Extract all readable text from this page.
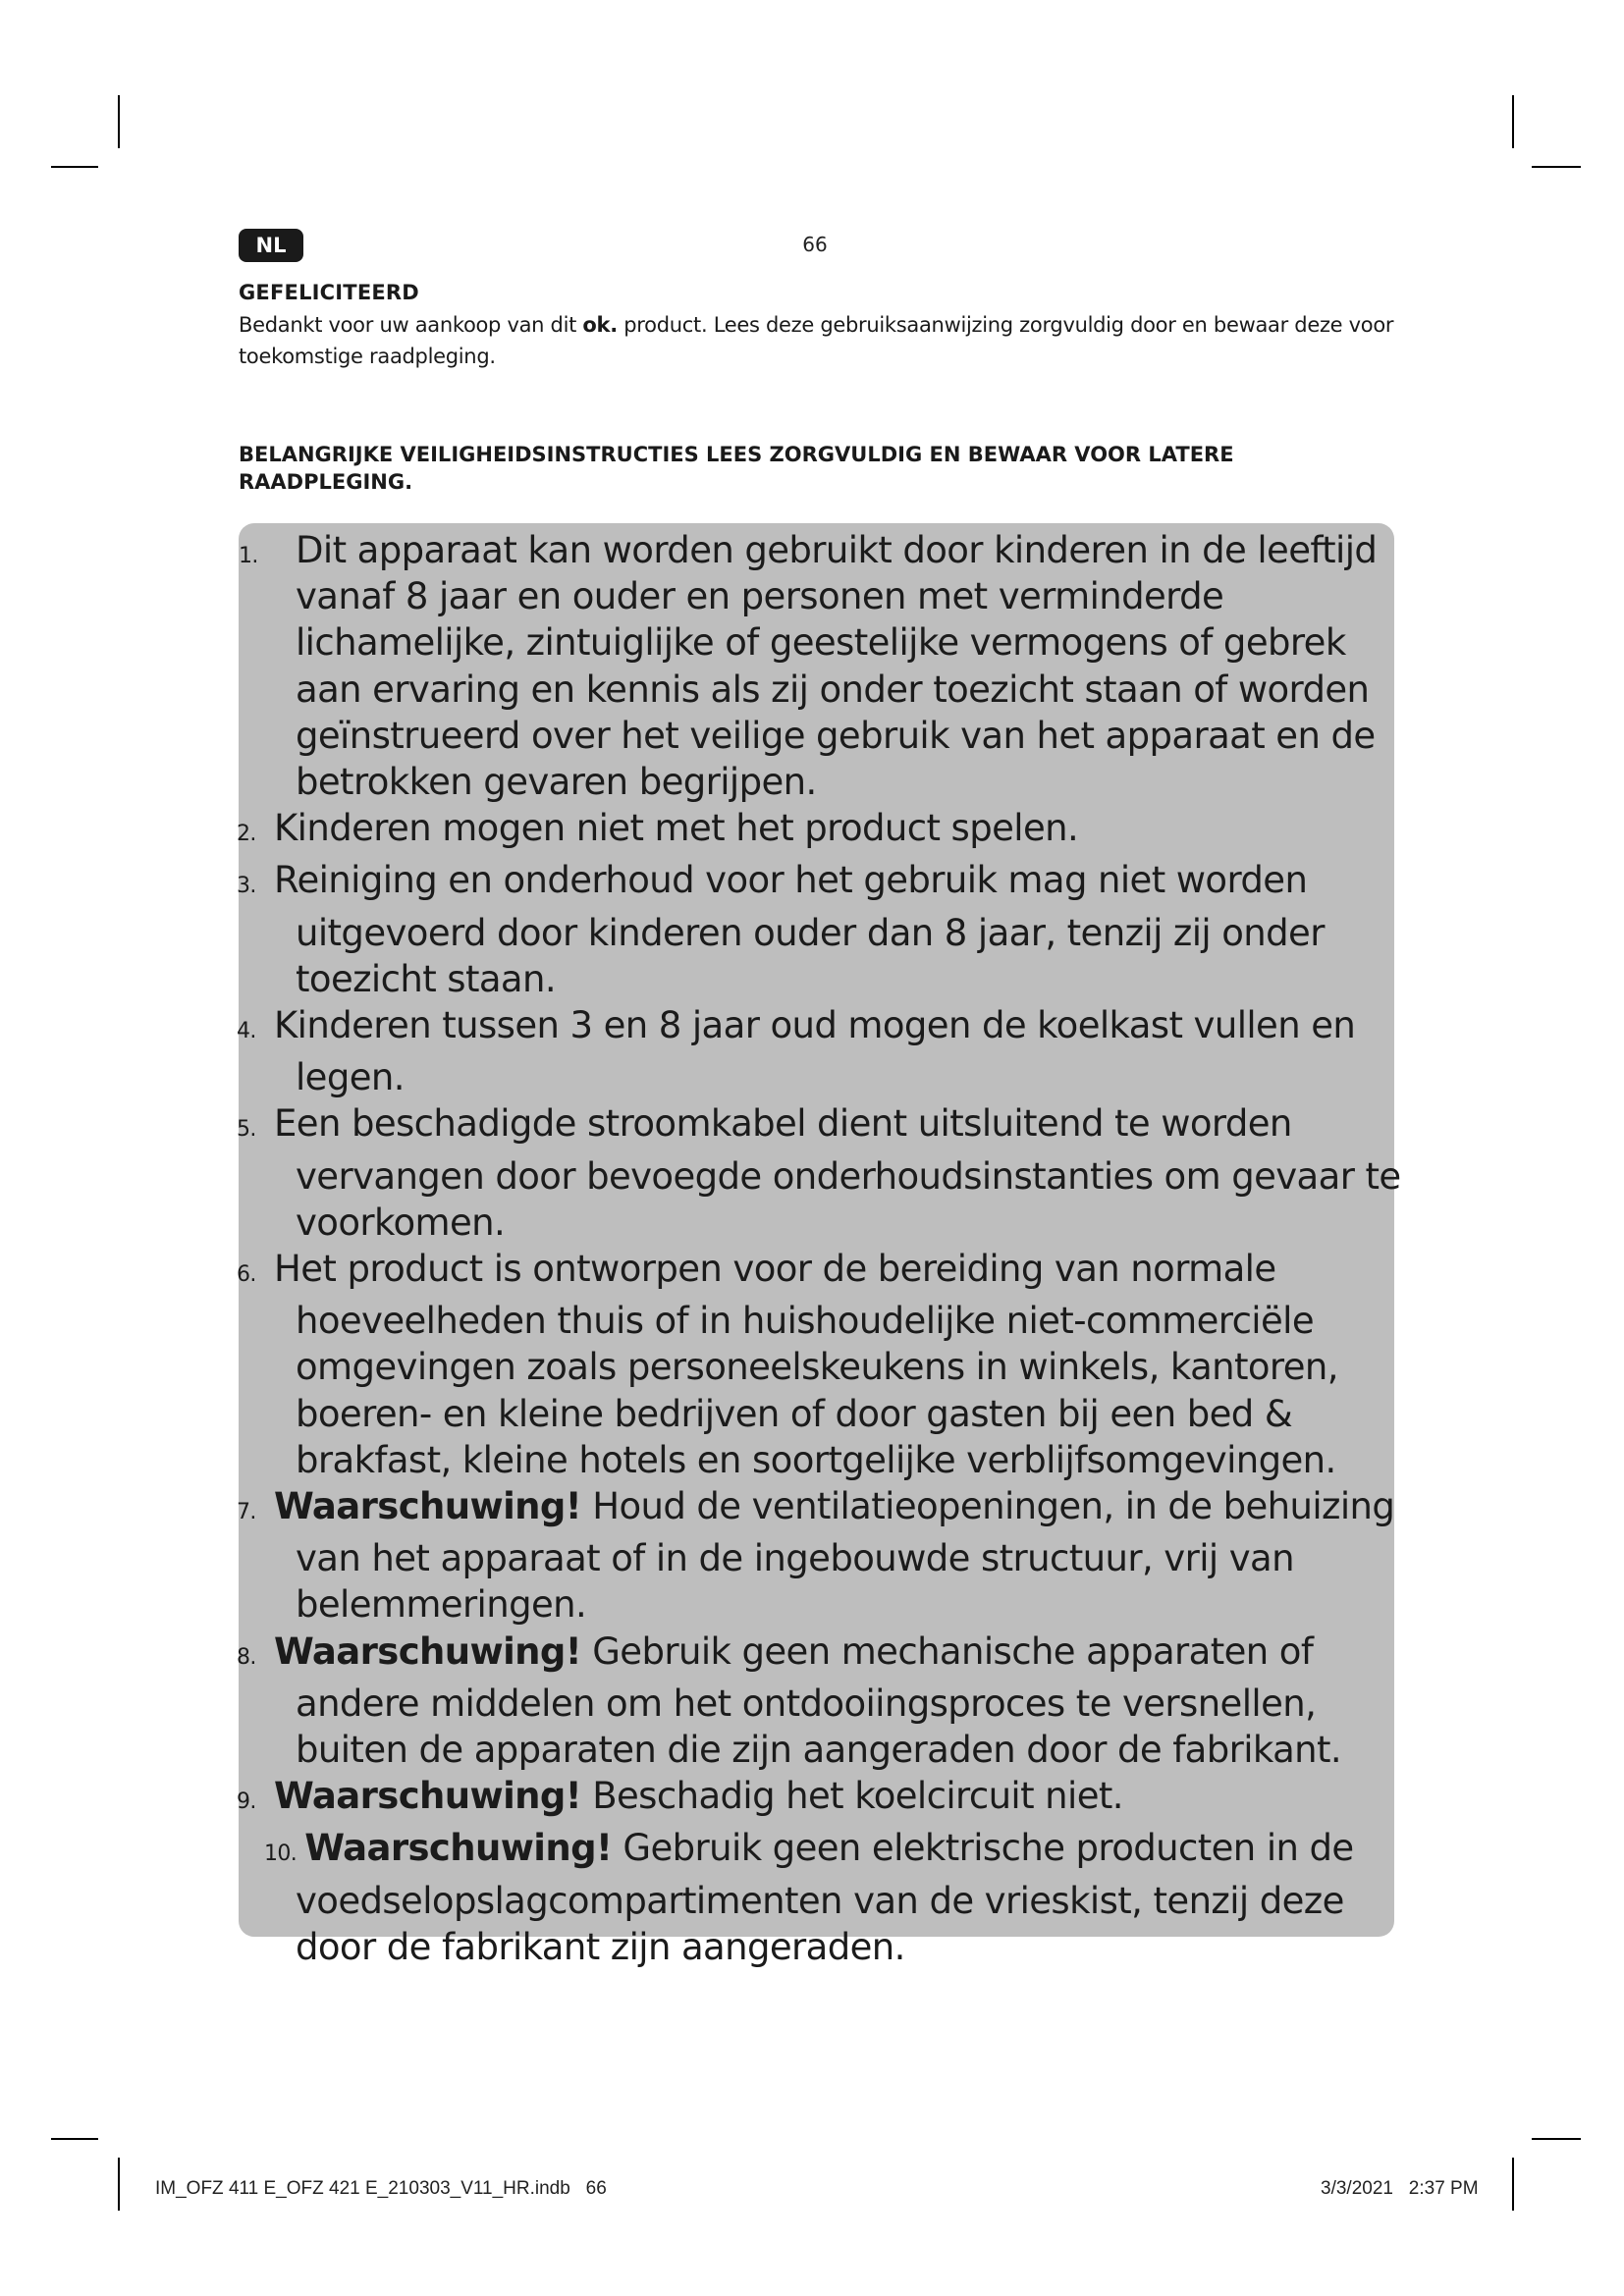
NL	66
GEFELICITEERD
Bedankt voor uw aankoop van dit ok. product. Lees deze gebruiksaanwijzing zorgvuldig door en bewaar deze voor toekomstige raadpleging.
BELANGRIJKE VEILIGHEIDSINSTRUCTIES LEES ZORGVULDIG EN BEWAAR VOOR LATERE RAADPLEGING.
1. Dit apparaat kan worden gebruikt door kinderen in de leeftijd vanaf 8 jaar en ouder en personen met verminderde lichamelijke, zintuiglijke of geestelijke vermogens of gebrek aan ervaring en kennis als zij onder toezicht staan of worden geïnstrueerd over het veilige gebruik van het apparaat en de betrokken gevaren begrijpen.
2. Kinderen mogen niet met het product spelen.
3. Reiniging en onderhoud voor het gebruik mag niet worden uitgevoerd door kinderen ouder dan 8 jaar, tenzij zij onder toezicht staan.
4. Kinderen tussen 3 en 8 jaar oud mogen de koelkast vullen en legen.
5. Een beschadigde stroomkabel dient uitsluitend te worden vervangen door bevoegde onderhoudsinstanties om gevaar te voorkomen.
6. Het product is ontworpen voor de bereiding van normale hoeveelheden thuis of in huishoudelijke niet-commerciële omgevingen zoals personeelskeukens in winkels, kantoren, boeren- en kleine bedrijven of door gasten bij een bed & brakfast, kleine hotels en soortgelijke verblijfsomgevingen.
7. Waarschuwing! Houd de ventilatieopeningen, in de behuizing van het apparaat of in de ingebouwde structuur, vrij van belemmeringen.
8. Waarschuwing! Gebruik geen mechanische apparaten of andere middelen om het ontdooiingsproces te versnellen, buiten de apparaten die zijn aangeraden door de fabrikant.
9. Waarschuwing! Beschadig het koelcircuit niet.
10. Waarschuwing! Gebruik geen elektrische producten in de voedselopslagcompartimenten van de vrieskist, tenzij deze door de fabrikant zijn aangeraden.
IM_OFZ 411 E_OFZ 421 E_210303_V11_HR.indb   66	3/3/2021   2:37 PM
